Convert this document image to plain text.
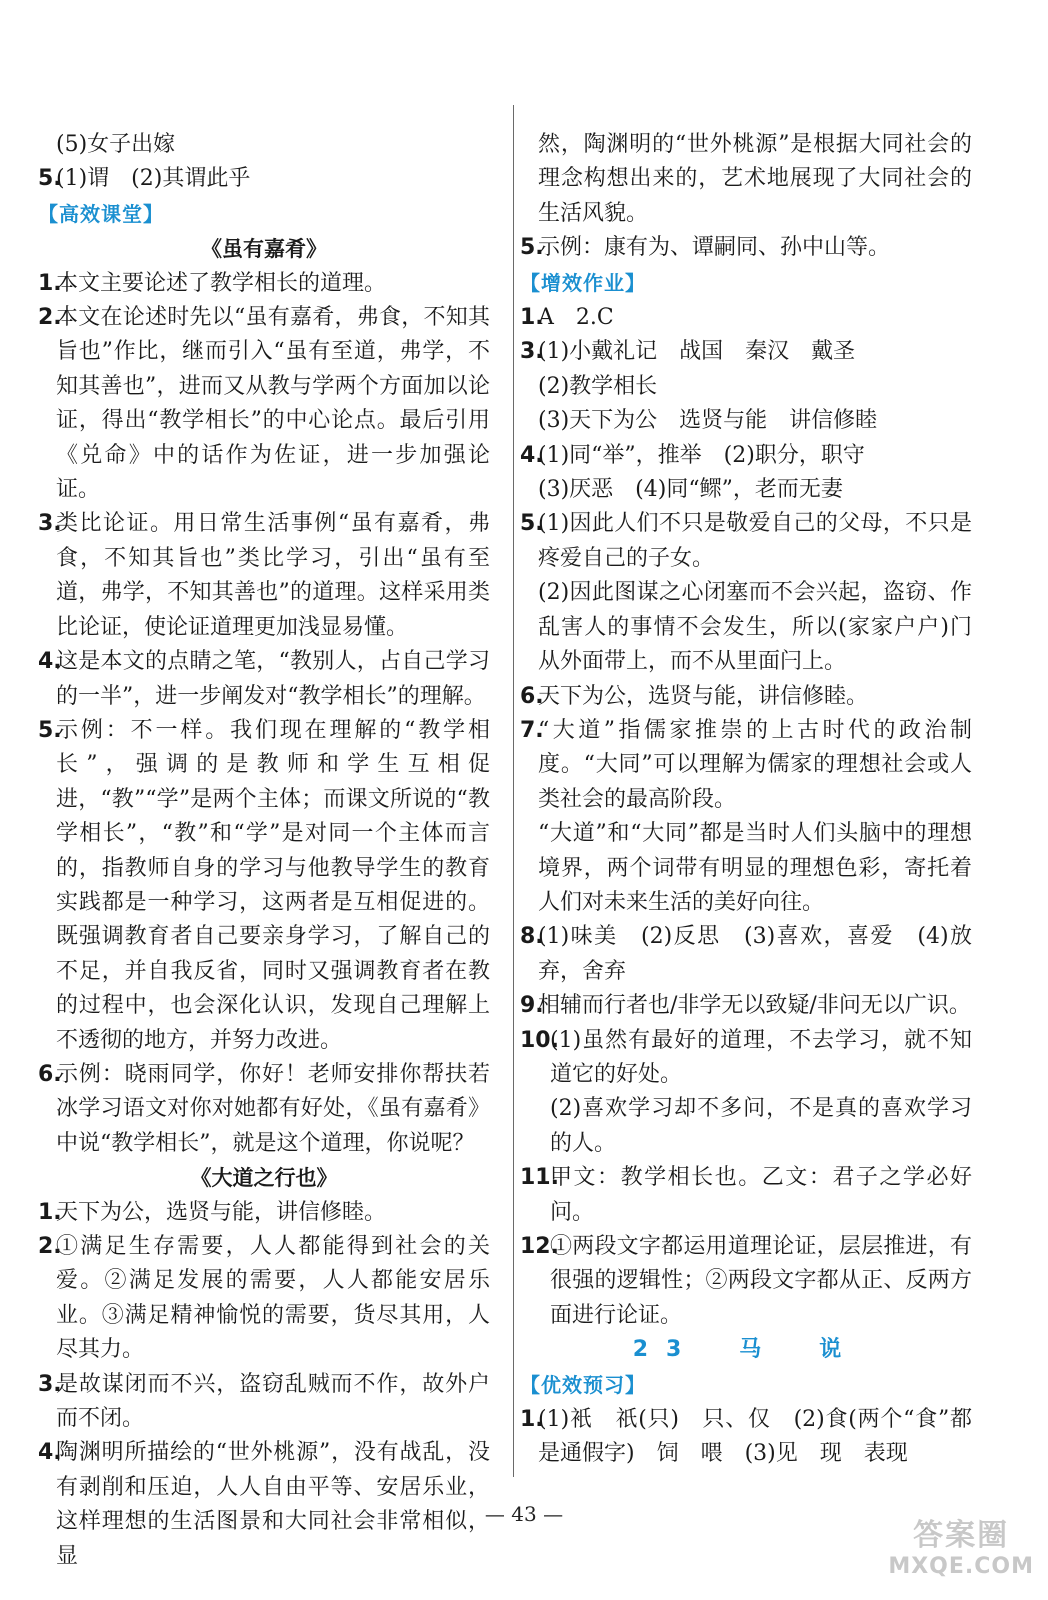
(5)女子出嫁
5.
(1)谓　(2)其谓此乎
【高效课堂】
《虽有嘉肴》
1.
本文主要论述了教学相长的道理。
2.
本文在论述时先以“虽有嘉肴，弗食，不知其旨也”作比，继而引入“虽有至道，弗学，不知其善也”，进而又从教与学两个方面加以论证，得出“教学相长”的中心论点。最后引用《兑命》中的话作为佐证，进一步加强论证。
3.
类比论证。用日常生活事例“虽有嘉肴，弗食，不知其旨也”类比学习，引出“虽有至道，弗学，不知其善也”的道理。这样采用类比论证，使论证道理更加浅显易懂。
4.
这是本文的点睛之笔，“教别人，占自己学习的一半”，进一步阐发对“教学相长”的理解。
5.
示例：不一样。我们现在理解的“教学相长”，强调的是教师和学生互相促进，“教”“学”是两个主体；而课文所说的“教学相长”，“教”和“学”是对同一个主体而言的，指教师自身的学习与他教导学生的教育实践都是一种学习，这两者是互相促进的。既强调教育者自己要亲身学习，了解自己的不足，并自我反省，同时又强调教育者在教的过程中，也会深化认识，发现自己理解上不透彻的地方，并努力改进。
6.
示例：晓雨同学，你好！老师安排你帮扶若冰学习语文对你对她都有好处，《虽有嘉肴》中说“教学相长”，就是这个道理，你说呢？
《大道之行也》
1.
天下为公，选贤与能，讲信修睦。
2.
①满足生存需要，人人都能得到社会的关爱。②满足发展的需要，人人都能安居乐业。③满足精神愉悦的需要，货尽其用，人尽其力。
3.
是故谋闭而不兴，盗窃乱贼而不作，故外户而不闭。
4.
陶渊明所描绘的“世外桃源”，没有战乱，没有剥削和压迫，人人自由平等、安居乐业，这样理想的生活图景和大同社会非常相似，显
然，陶渊明的“世外桃源”是根据大同社会的理念构想出来的，艺术地展现了大同社会的生活风貌。
5.
示例：康有为、谭嗣同、孙中山等。
【增效作业】
1.
A　2.C
3.
(1)小戴礼记　战国　秦汉　戴圣
(2)教学相长
(3)天下为公　选贤与能　讲信修睦
4.
(1)同“举”，推举　(2)职分，职守
(3)厌恶　(4)同“鳏”，老而无妻
5.
(1)因此人们不只是敬爱自己的父母，不只是疼爱自己的子女。
(2)因此图谋之心闭塞而不会兴起，盗窃、作乱害人的事情不会发生，所以(家家户户)门从外面带上，而不从里面闩上。
6.
天下为公，选贤与能，讲信修睦。
7.
“大道”指儒家推崇的上古时代的政治制度。“大同”可以理解为儒家的理想社会或人类社会的最高阶段。
“大道”和“大同”都是当时人们头脑中的理想境界，两个词带有明显的理想色彩，寄托着人们对未来生活的美好向往。
8.
(1)味美　(2)反思　(3)喜欢，喜爱　(4)放弃，舍弃
9.
相辅而行者也/非学无以致疑/非问无以广识。
10.
(1)虽然有最好的道理，不去学习，就不知道它的好处。
(2)喜欢学习却不多问，不是真的喜欢学习的人。
11.
甲文：教学相长也。乙文：君子之学必好问。
12.
①两段文字都运用道理论证，层层推进，有很强的逻辑性；②两段文字都从正、反两方面进行论证。
23　马　说
【优效预习】
1.
(1)衹　祇(只)　只、仅　(2)食(两个“食”都是通假字)　饲　喂　(3)见　现　表现
— 43 —
答案圈
MXQE.COM
